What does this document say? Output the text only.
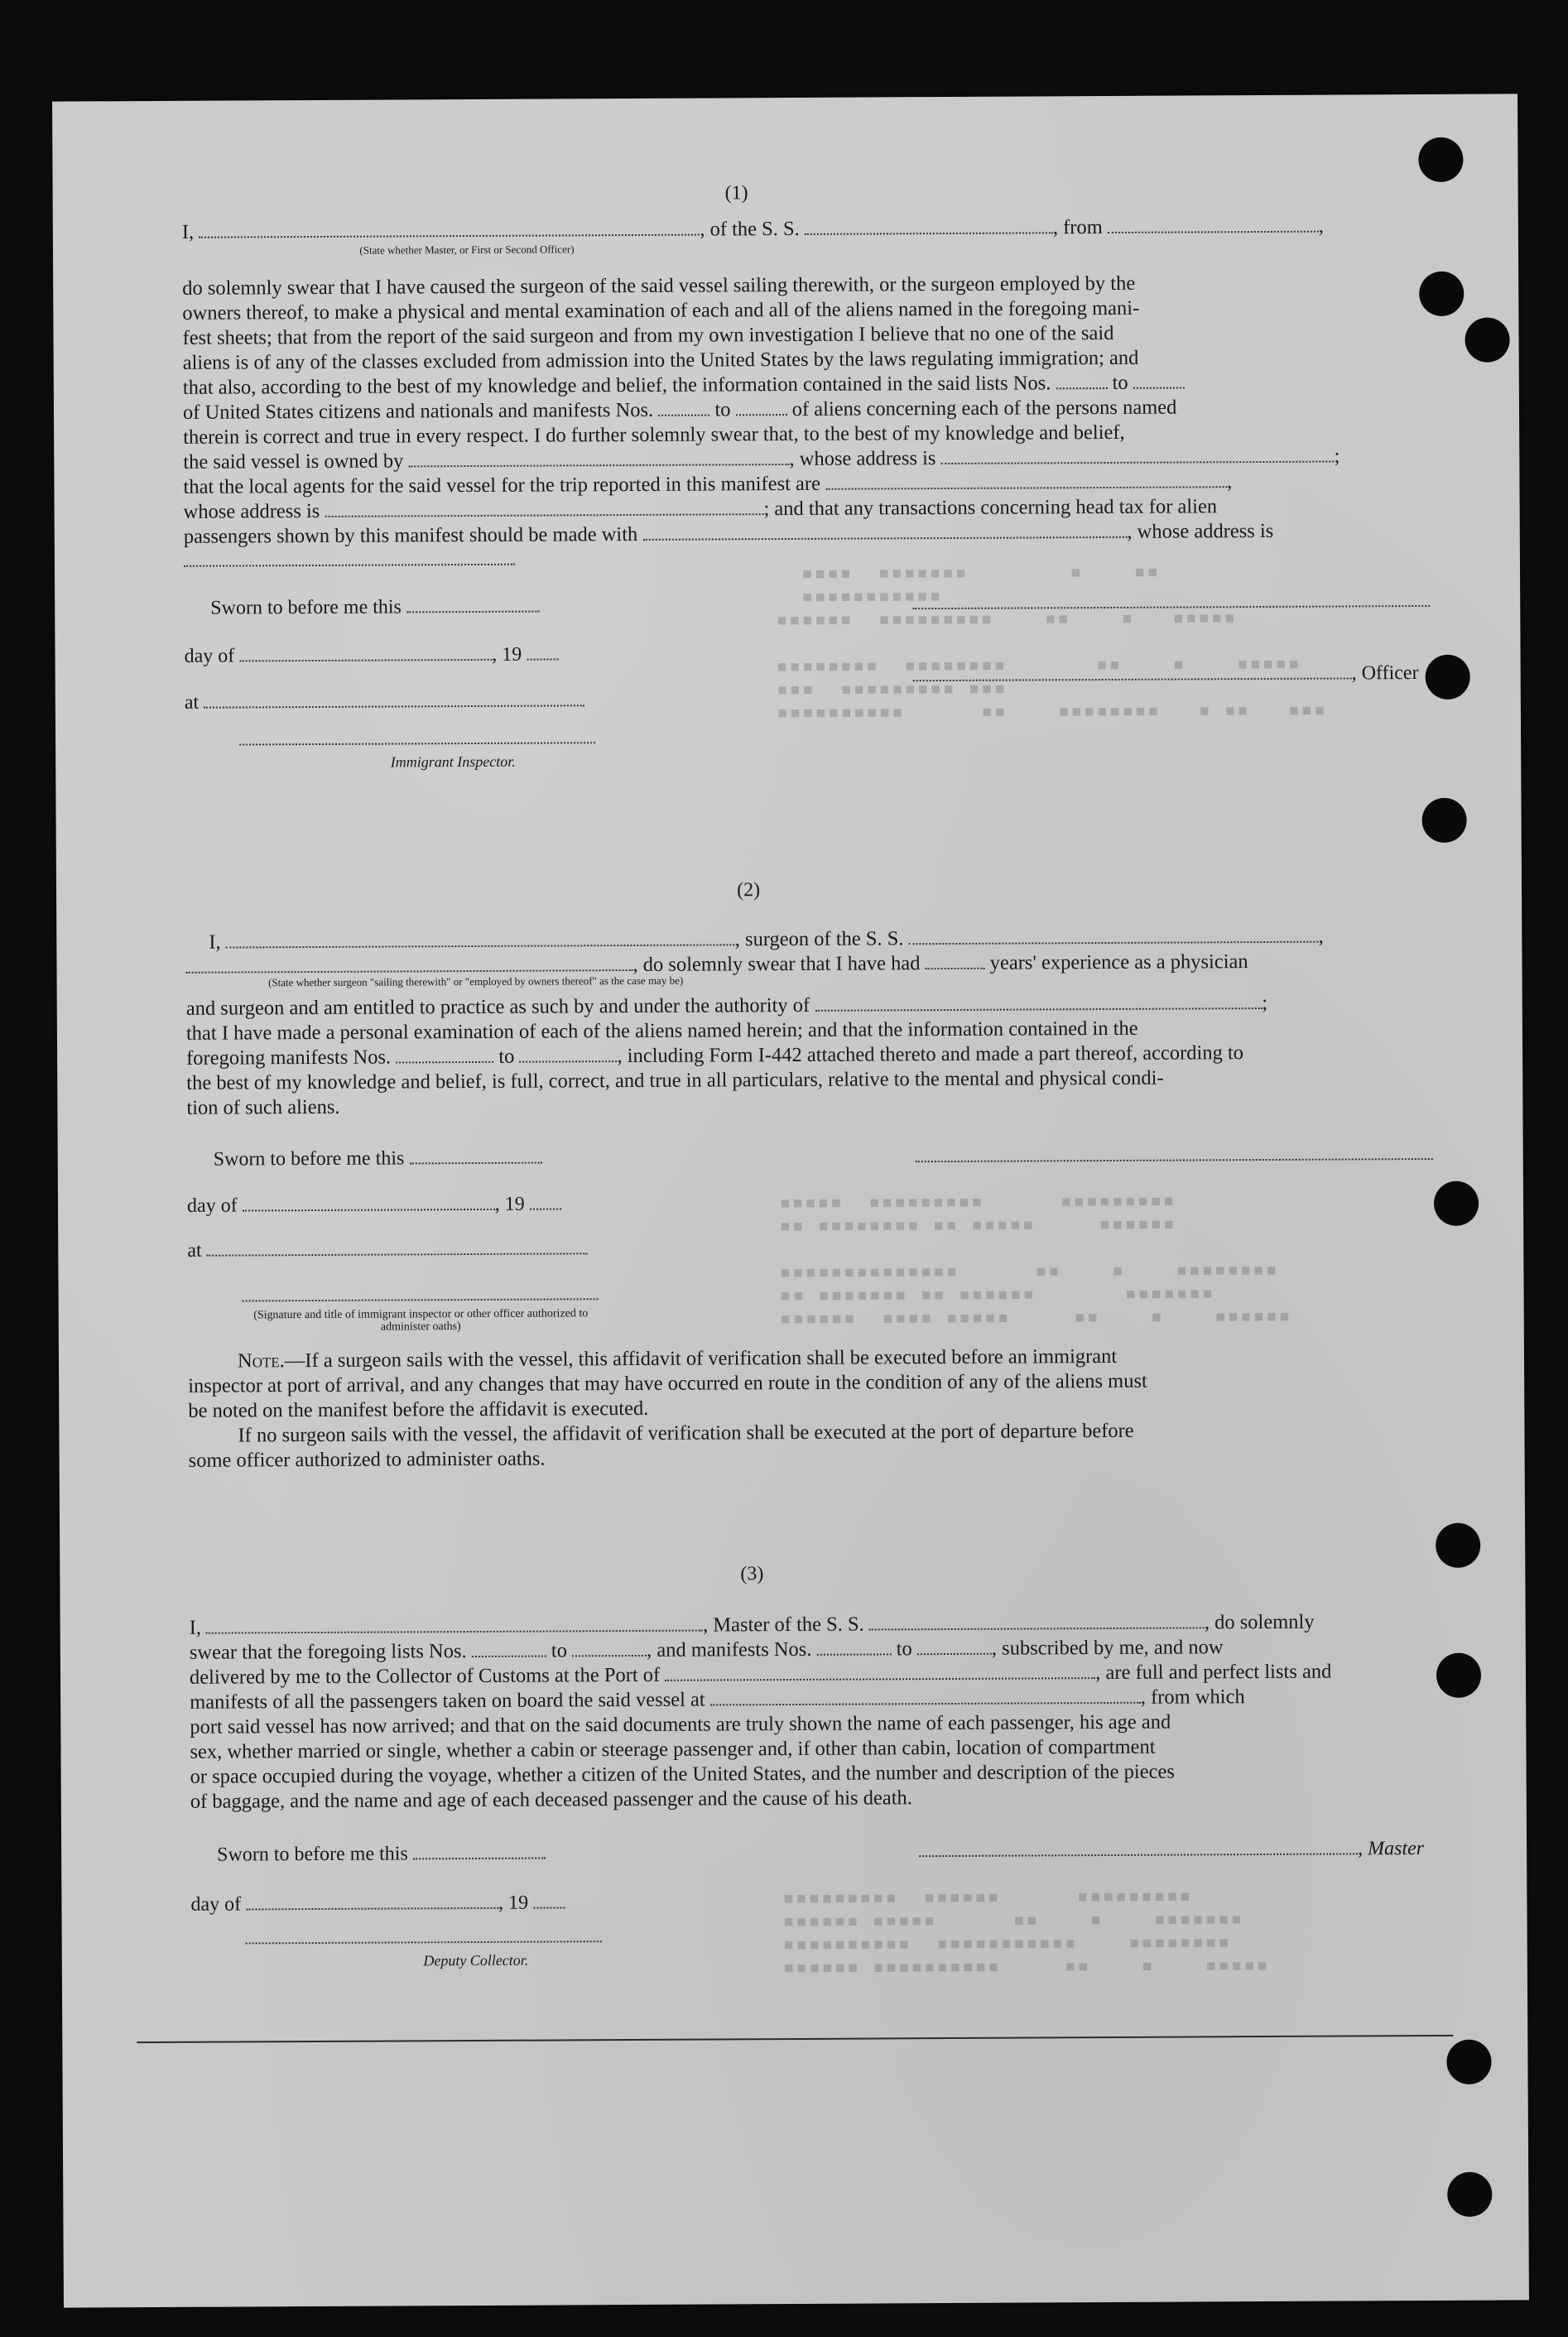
▪▪▪▪  ▪▪▪▪▪▪▪        ▪    ▪▪
▪▪▪▪▪▪▪▪▪▪▪
▪▪▪▪▪▪  ▪▪▪▪▪▪▪▪▪    ▪▪    ▪   ▪▪▪▪▪

▪▪▪▪▪▪▪▪  ▪▪▪▪▪▪▪▪       ▪▪    ▪    ▪▪▪▪▪
▪▪▪  ▪▪▪▪▪▪▪▪▪ ▪▪▪
▪▪▪▪▪▪▪▪▪▪      ▪▪    ▪▪▪▪▪▪▪▪   ▪ ▪▪   ▪▪▪
▪▪▪▪▪  ▪▪▪▪▪▪▪▪▪      ▪▪▪▪▪▪▪▪▪
▪▪ ▪▪▪▪▪▪▪▪ ▪▪ ▪▪▪▪▪     ▪▪▪▪▪▪

▪▪▪▪▪▪▪▪▪▪▪▪▪▪      ▪▪    ▪    ▪▪▪▪▪▪▪▪
▪▪ ▪▪▪▪▪▪▪ ▪▪ ▪▪▪▪▪▪       ▪▪▪▪▪▪▪
▪▪▪▪▪▪  ▪▪▪▪ ▪▪▪▪▪     ▪▪    ▪    ▪▪▪▪▪▪
▪▪▪▪▪▪▪▪▪  ▪▪▪▪▪▪      ▪▪▪▪▪▪▪▪▪
▪▪▪▪▪▪ ▪▪▪▪▪      ▪▪    ▪    ▪▪▪▪▪▪▪
▪▪▪▪▪▪▪▪▪▪  ▪▪▪▪▪▪▪▪▪▪▪    ▪▪▪▪▪▪▪▪
▪▪▪▪▪▪ ▪▪▪▪▪▪▪▪▪▪     ▪▪    ▪    ▪▪▪▪▪
(1)
I,	, of the S. S.	, from	,
(State whether Master, or First or Second Officer)
do solemnly swear that I have caused the surgeon of the said vessel sailing therewith, or the surgeon employed by the
owners thereof, to make a physical and mental examination of each and all of the aliens named in the foregoing mani-
fest sheets; that from the report of the said surgeon and from my own investigation I believe that no one of the said
aliens is of any of the classes excluded from admission into the United States by the laws regulating immigration; and
that also, according to the best of my knowledge and belief, the information contained in the said lists Nos.	to
of United States citizens and nationals and manifests Nos.	to	of aliens concerning each of the persons named
therein is correct and true in every respect. I do further solemnly swear that, to the best of my knowledge and belief,
the said vessel is owned by	, whose address is	;
that the local agents for the said vessel for the trip reported in this manifest are	,
whose address is	; and that any transactions concerning head tax for alien
passengers shown by this manifest should be made with	, whose address is
Sworn to before me this
day of	, 19
, Officer
at
Immigrant Inspector.
(2)
I,	, surgeon of the S. S.	,
, do solemnly swear that I have had	years' experience as a physician
(State whether surgeon "sailing therewith" or "employed by owners thereof" as the case may be)
and surgeon and am entitled to practice as such by and under the authority of	;
that I have made a personal examination of each of the aliens named herein; and that the information contained in the
foregoing manifests Nos.	to	, including Form I-442 attached thereto and made a part thereof, according to
the best of my knowledge and belief, is full, correct, and true in all particulars, relative to the mental and physical condi-
tion of such aliens.
Sworn to before me this
day of	, 19
at
(Signature and title of immigrant inspector or other officer authorized to administer oaths)
Note.—If a surgeon sails with the vessel, this affidavit of verification shall be executed before an immigrant
inspector at port of arrival, and any changes that may have occurred en route in the condition of any of the aliens must
be noted on the manifest before the affidavit is executed.
If no surgeon sails with the vessel, the affidavit of verification shall be executed at the port of departure before
some officer authorized to administer oaths.
(3)
I,	, Master of the S. S.	, do solemnly
swear that the foregoing lists Nos.	to	, and manifests Nos.	to	, subscribed by me, and now
delivered by me to the Collector of Customs at the Port of	, are full and perfect lists and
manifests of all the passengers taken on board the said vessel at	, from which
port said vessel has now arrived; and that on the said documents are truly shown the name of each passenger, his age and
sex, whether married or single, whether a cabin or steerage passenger and, if other than cabin, location of compartment
or space occupied during the voyage, whether a citizen of the United States, and the number and description of the pieces
of baggage, and the name and age of each deceased passenger and the cause of his death.
Sworn to before me this	, Master
day of	, 19
Deputy Collector.
